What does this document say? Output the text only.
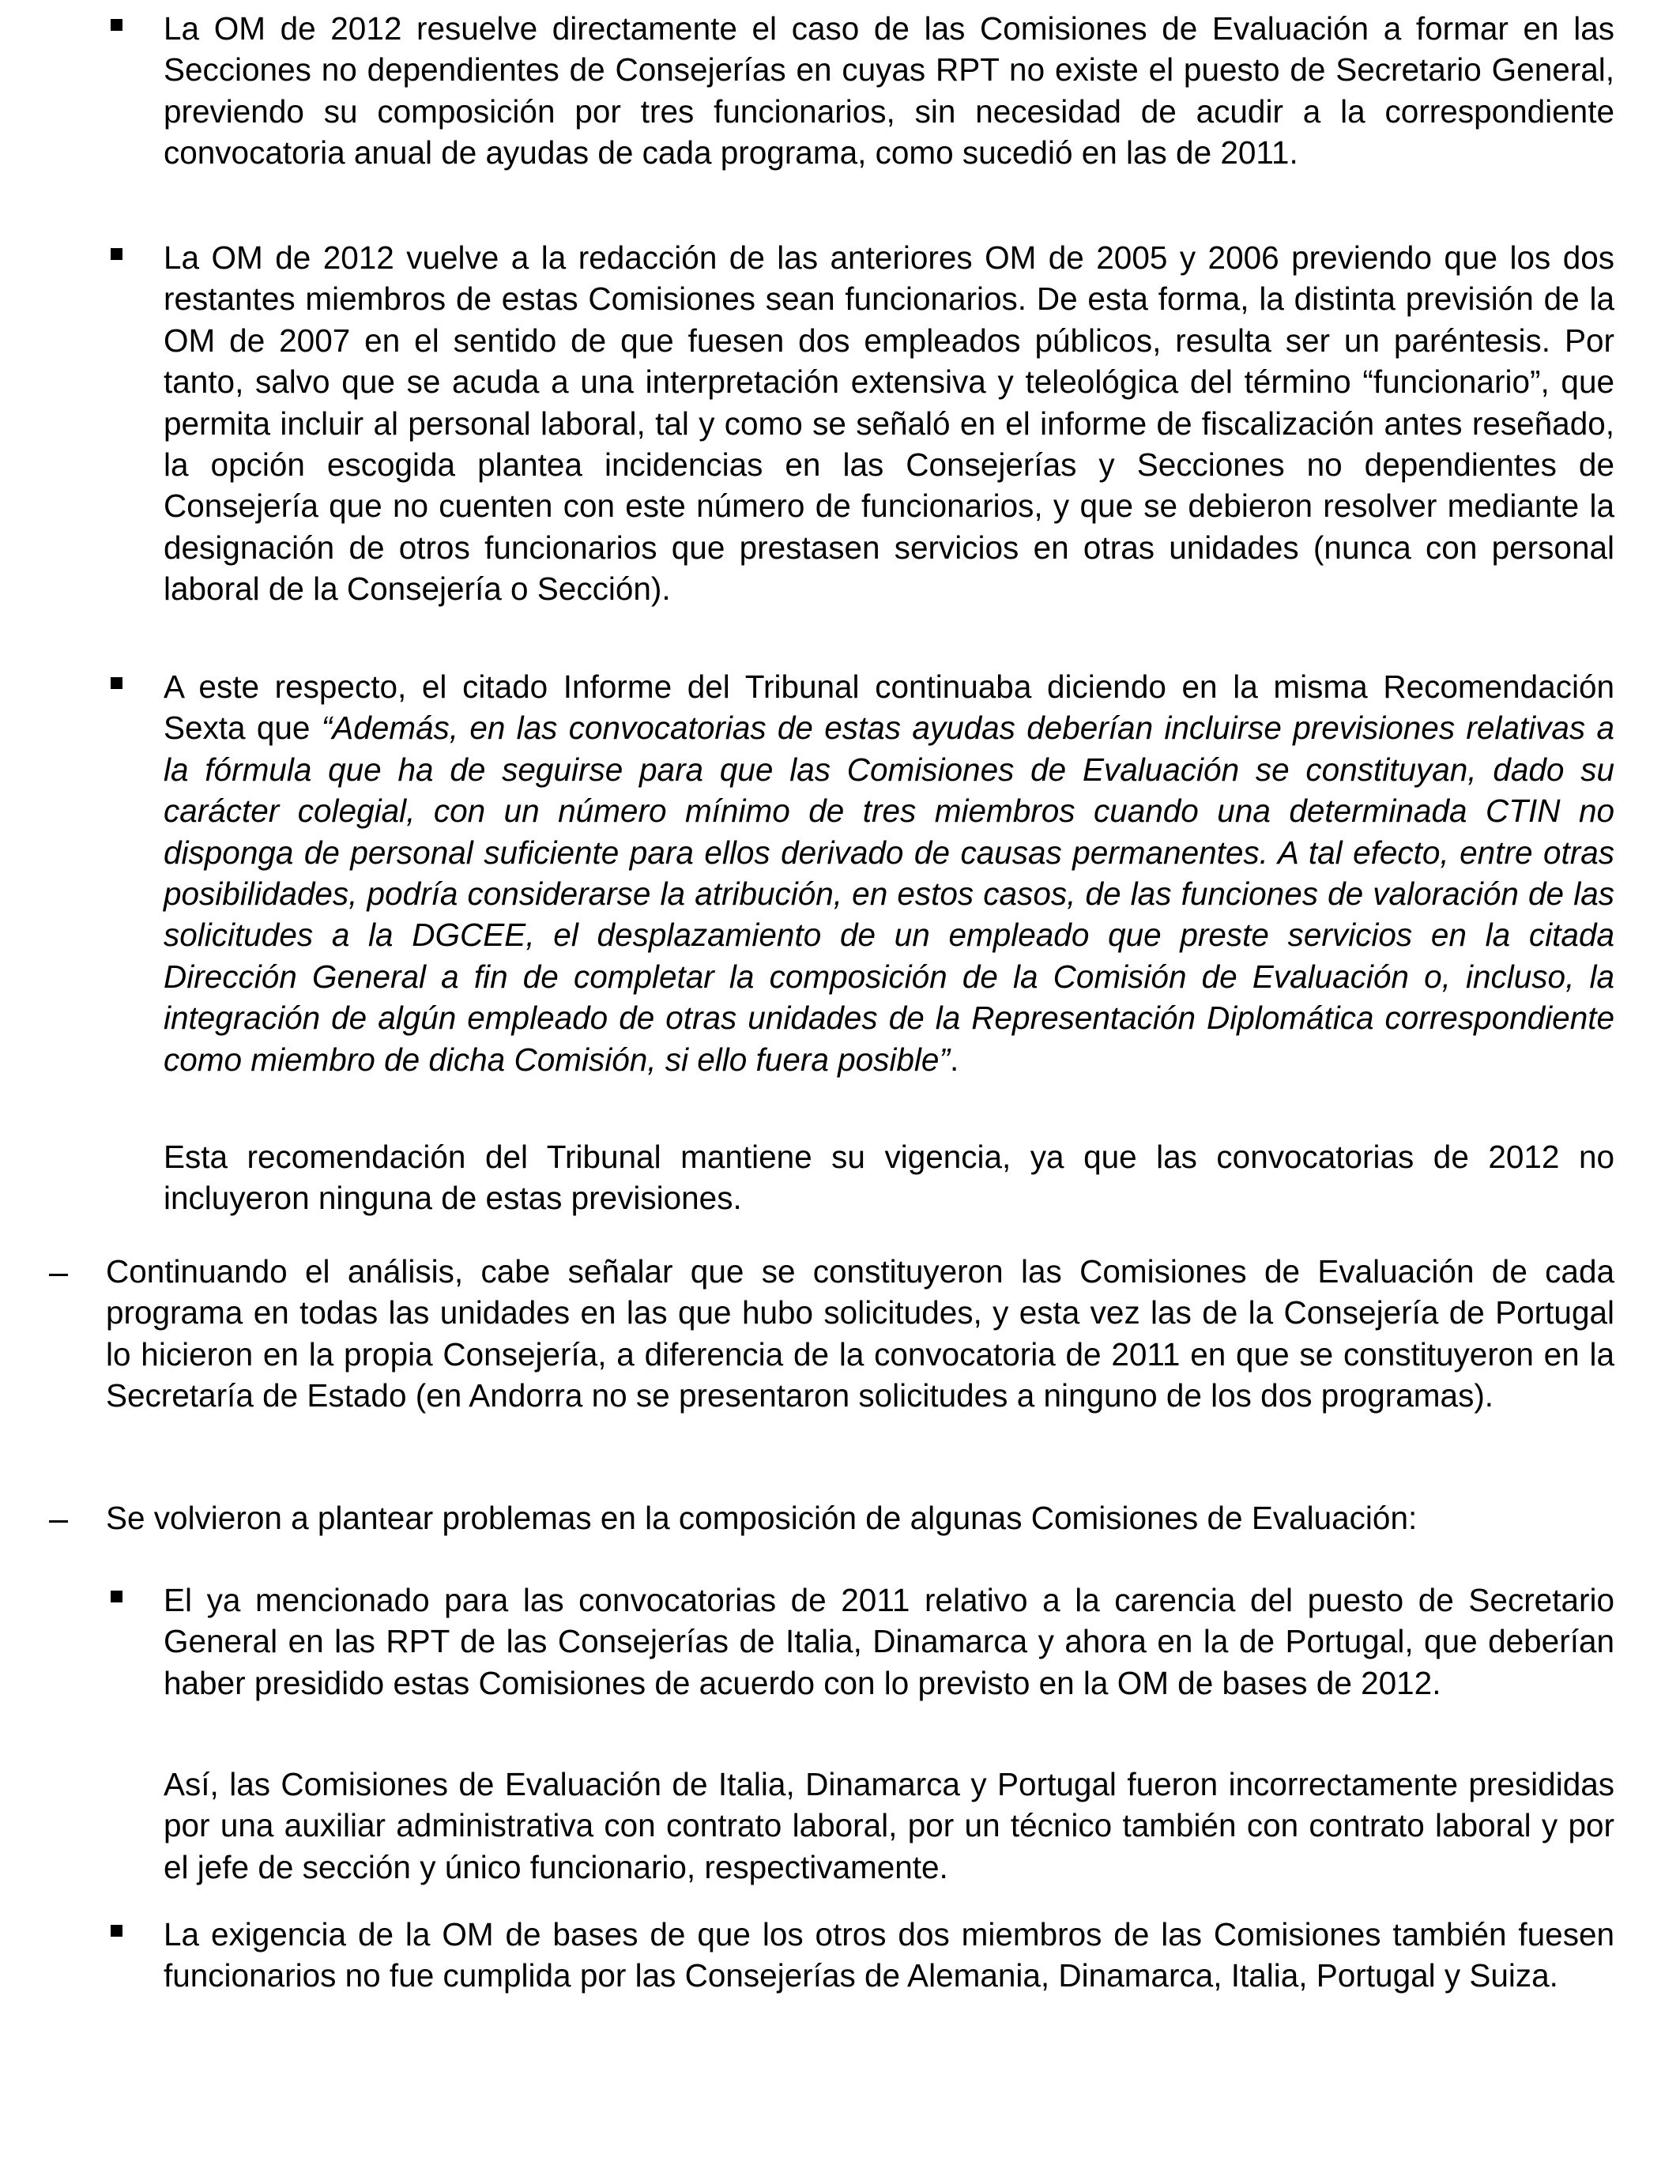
La OM de 2012 resuelve directamente el caso de las Comisiones de Evaluación a formar en las Secciones no dependientes de Consejerías en cuyas RPT no existe el puesto de Secretario General, previendo su composición por tres funcionarios, sin necesidad de acudir a la correspondiente convocatoria anual de ayudas de cada programa, como sucedió en las de 2011.

La OM de 2012 vuelve a la redacción de las anteriores OM de 2005 y 2006 previendo que los dos restantes miembros de estas Comisiones sean funcionarios. De esta forma, la distinta previsión de la OM de 2007 en el sentido de que fuesen dos empleados públicos, resulta ser un paréntesis. Por tanto, salvo que se acuda a una interpretación extensiva y teleológica del término “funcionario”, que permita incluir al personal laboral, tal y como se señaló en el informe de fiscalización antes reseñado, la opción escogida plantea incidencias en las Consejerías y Secciones no dependientes de Consejería que no cuenten con este número de funcionarios, y que se debieron resolver mediante la designación de otros funcionarios que prestasen servicios en otras unidades (nunca con personal laboral de la Consejería o Sección).

A este respecto, el citado Informe del Tribunal continuaba diciendo en la misma Recomendación Sexta que “Además, en las convocatorias de estas ayudas deberían incluirse previsiones relativas a la fórmula que ha de seguirse para que las Comisiones de Evaluación se constituyan, dado su carácter colegial, con un número mínimo de tres miembros cuando una determinada CTIN no disponga de personal suficiente para ellos derivado de causas permanentes. A tal efecto, entre otras posibilidades, podría considerarse la atribución, en estos casos, de las funciones de valoración de las solicitudes a la DGCEE, el desplazamiento de un empleado que preste servicios en la citada Dirección General a fin de completar la composición de la Comisión de Evaluación o, incluso, la integración de algún empleado de otras unidades de la Representación Diplomática correspondiente como miembro de dicha Comisión, si ello fuera posible”.

Esta recomendación del Tribunal mantiene su vigencia, ya que las convocatorias de 2012 no incluyeron ninguna de estas previsiones.

Continuando el análisis, cabe señalar que se constituyeron las Comisiones de Evaluación de cada programa en todas las unidades en las que hubo solicitudes, y esta vez las de la Consejería de Portugal lo hicieron en la propia Consejería, a diferencia de la convocatoria de 2011 en que se constituyeron en la Secretaría de Estado (en Andorra no se presentaron solicitudes a ninguno de los dos programas).

Se volvieron a plantear problemas en la composición de algunas Comisiones de Evaluación:

El ya mencionado para las convocatorias de 2011 relativo a la carencia del puesto de Secretario General en las RPT de las Consejerías de Italia, Dinamarca y ahora en la de Portugal, que deberían haber presidido estas Comisiones de acuerdo con lo previsto en la OM de bases de 2012.

Así, las Comisiones de Evaluación de Italia, Dinamarca y Portugal fueron incorrectamente presididas por una auxiliar administrativa con contrato laboral, por un técnico también con contrato laboral y por el jefe de sección y único funcionario, respectivamente.

La exigencia de la OM de bases de que los otros dos miembros de las Comisiones también fuesen funcionarios no fue cumplida por las Consejerías de Alemania, Dinamarca, Italia, Portugal y Suiza.
